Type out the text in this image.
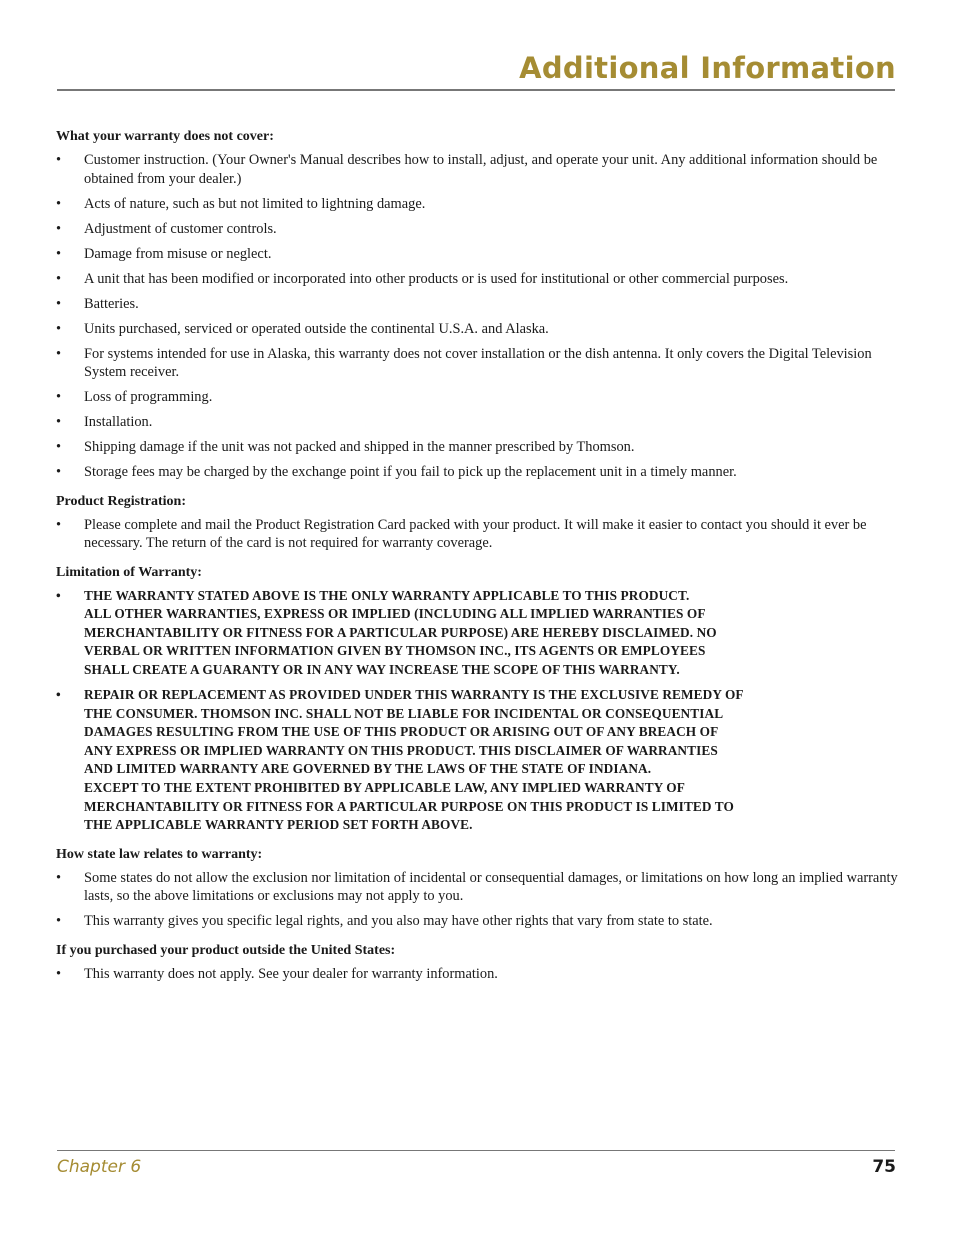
Additional Information
What your warranty does not cover:
• Customer instruction. (Your Owner's Manual describes how to install, adjust, and operate your unit. Any additional information should be obtained from your dealer.)
• Acts of nature, such as but not limited to lightning damage.
• Adjustment of customer controls.
• Damage from misuse or neglect.
• A unit that has been modified or incorporated into other products or is used for institutional or other commercial purposes.
• Batteries.
• Units purchased, serviced or operated outside the continental U.S.A. and Alaska.
• For systems intended for use in Alaska, this warranty does not cover installation or the dish antenna. It only covers the Digital Television System receiver.
• Loss of programming.
• Installation.
• Shipping damage if the unit was not packed and shipped in the manner prescribed by Thomson.
• Storage fees may be charged by the exchange point if you fail to pick up the replacement unit in a timely manner.
Product Registration:
• Please complete and mail the Product Registration Card packed with your product. It will make it easier to contact you should it ever be necessary. The return of the card is not required for warranty coverage.
Limitation of Warranty:
• THE WARRANTY STATED ABOVE IS THE ONLY WARRANTY APPLICABLE TO THIS PRODUCT.
ALL OTHER WARRANTIES, EXPRESS OR IMPLIED (INCLUDING ALL IMPLIED WARRANTIES OF
MERCHANTABILITY OR FITNESS FOR A PARTICULAR PURPOSE) ARE HEREBY DISCLAIMED. NO
VERBAL OR WRITTEN INFORMATION GIVEN BY THOMSON INC., ITS AGENTS OR EMPLOYEES
SHALL CREATE A GUARANTY OR IN ANY WAY INCREASE THE SCOPE OF THIS WARRANTY.
• REPAIR OR REPLACEMENT AS PROVIDED UNDER THIS WARRANTY IS THE EXCLUSIVE REMEDY OF
THE CONSUMER. THOMSON INC. SHALL NOT BE LIABLE FOR INCIDENTAL OR CONSEQUENTIAL
DAMAGES RESULTING FROM THE USE OF THIS PRODUCT OR ARISING OUT OF ANY BREACH OF
ANY EXPRESS OR IMPLIED WARRANTY ON THIS PRODUCT. THIS DISCLAIMER OF WARRANTIES
AND LIMITED WARRANTY ARE GOVERNED BY THE LAWS OF THE STATE OF INDIANA.
EXCEPT TO THE EXTENT PROHIBITED BY APPLICABLE LAW, ANY IMPLIED WARRANTY OF
MERCHANTABILITY OR FITNESS FOR A PARTICULAR PURPOSE ON THIS PRODUCT IS LIMITED TO
THE APPLICABLE WARRANTY PERIOD SET FORTH ABOVE.
How state law relates to warranty:
• Some states do not allow the exclusion nor limitation of incidental or consequential damages, or limitations on how long an implied warranty lasts, so the above limitations or exclusions may not apply to you.
• This warranty gives you specific legal rights, and you also may have other rights that vary from state to state.
If you purchased your product outside the United States:
• This warranty does not apply. See your dealer for warranty information.
Chapter 6	75
